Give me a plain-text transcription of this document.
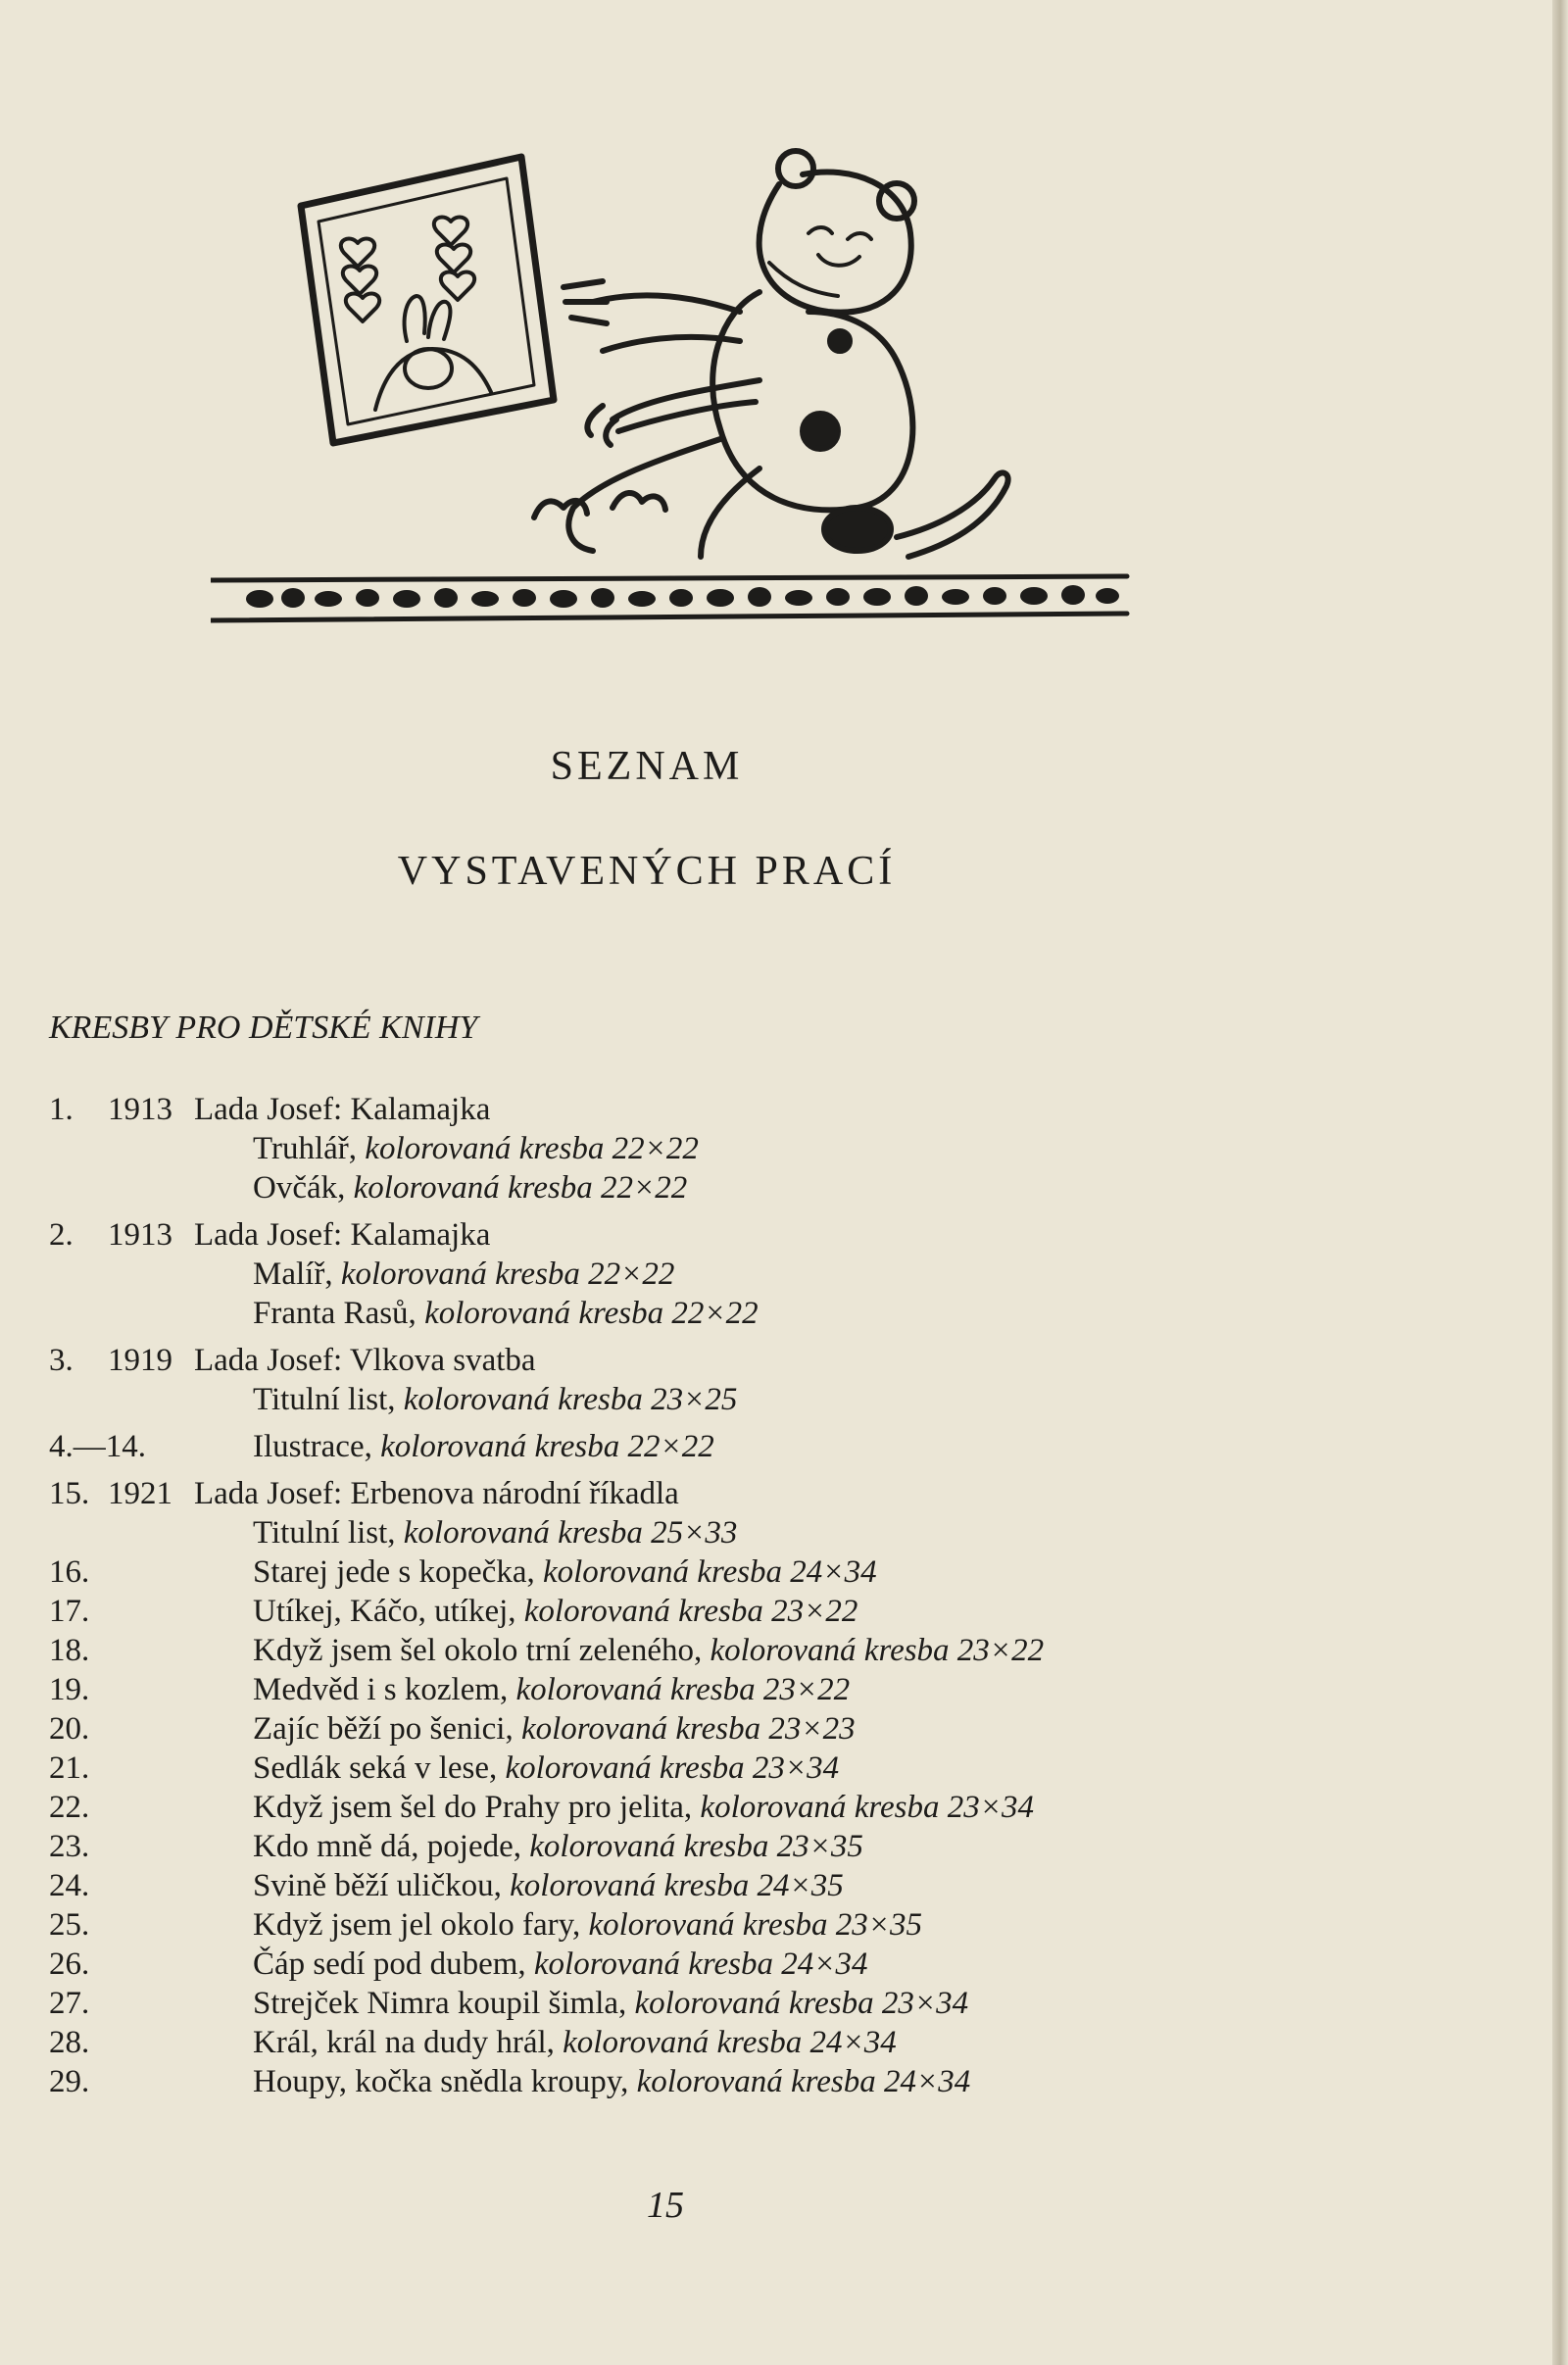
SEZNAM
VYSTAVENÝCH PRACÍ
KRESBY PRO DĚTSKÉ KNIHY
1. 1913 Lada Josef: Kalamajka
Truhlář, kolorovaná kresba 22×22
Ovčák, kolorovaná kresba 22×22
2. 1913 Lada Josef: Kalamajka
Malíř, kolorovaná kresba 22×22
Franta Rasů, kolorovaná kresba 22×22
3. 1919 Lada Josef: Vlkova svatba
Titulní list, kolorovaná kresba 23×25
4.—14.	Ilustrace, kolorovaná kresba 22×22
15. 1921 Lada Josef: Erbenova národní říkadla
Titulní list, kolorovaná kresba 25×33
16.	Starej jede s kopečka, kolorovaná kresba 24×34
17.	Utíkej, Káčo, utíkej, kolorovaná kresba 23×22
18.	Když jsem šel okolo trní zeleného, kolorovaná kresba 23×22
19.	Medvěd i s kozlem, kolorovaná kresba 23×22
20.	Zajíc běží po šenici, kolorovaná kresba 23×23
21.	Sedlák seká v lese, kolorovaná kresba 23×34
22.	Když jsem šel do Prahy pro jelita, kolorovaná kresba 23×34
23.	Kdo mně dá, pojede, kolorovaná kresba 23×35
24.	Svině běží uličkou, kolorovaná kresba 24×35
25.	Když jsem jel okolo fary, kolorovaná kresba 23×35
26.	Čáp sedí pod dubem, kolorovaná kresba 24×34
27.	Strejček Nimra koupil šimla, kolorovaná kresba 23×34
28.	Král, král na dudy hrál, kolorovaná kresba 24×34
29.	Houpy, kočka snědla kroupy, kolorovaná kresba 24×34
15
